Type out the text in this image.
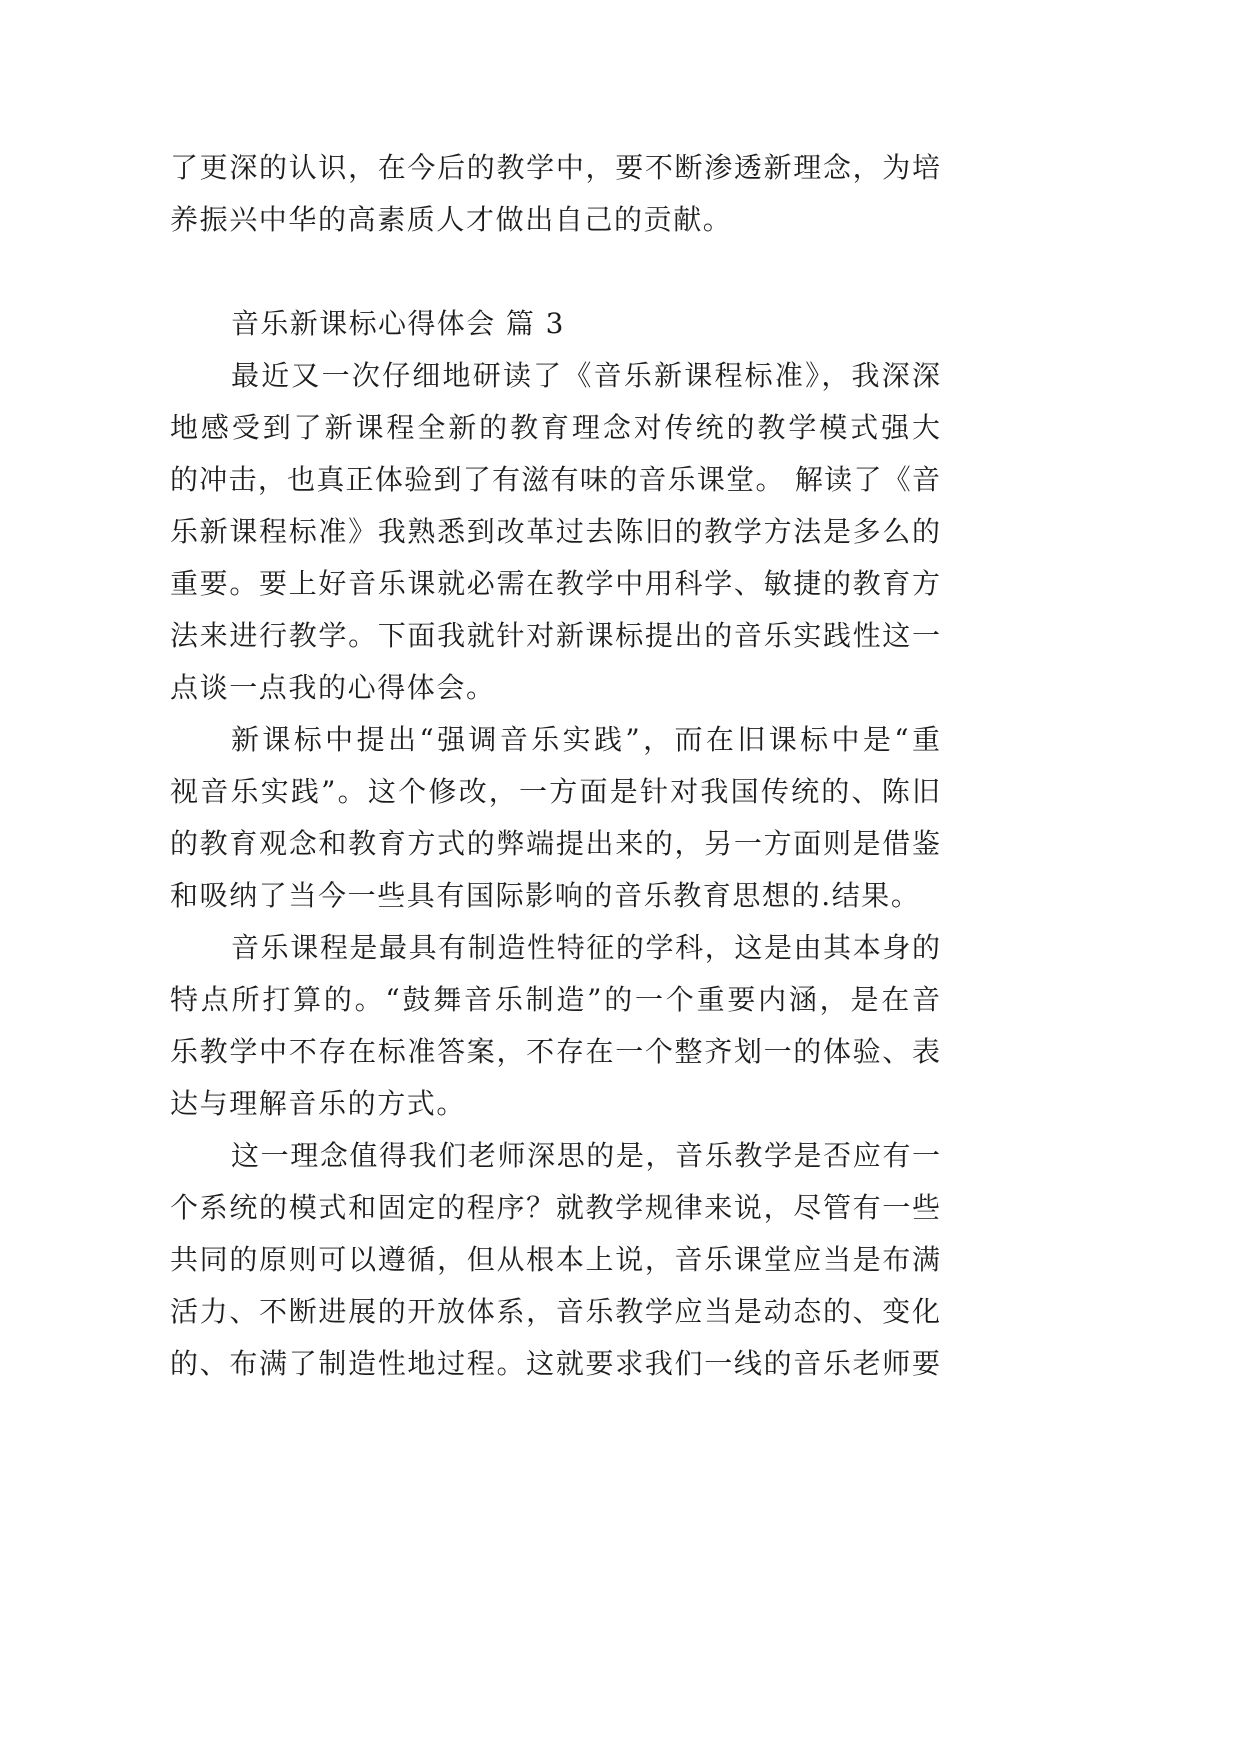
了更深的认识，在今后的教学中，要不断渗透新理念，为培
养振兴中华的高素质人才做出自己的贡献。
音乐新课标心得体会 篇 3
最近又一次仔细地研读了《音乐新课程标准》，我深深
地感受到了新课程全新的教育理念对传统的教学模式强大
的冲击，也真正体验到了有滋有味的音乐课堂。 解读了《音
乐新课程标准》我熟悉到改革过去陈旧的教学方法是多么的
重要。要上好音乐课就必需在教学中用科学、敏捷的教育方
法来进行教学。下面我就针对新课标提出的音乐实践性这一
点谈一点我的心得体会。
新课标中提出“强调音乐实践”，而在旧课标中是“重
视音乐实践”。这个修改，一方面是针对我国传统的、陈旧
的教育观念和教育方式的弊端提出来的，另一方面则是借鉴
和吸纳了当今一些具有国际影响的音乐教育思想的.结果。
音乐课程是最具有制造性特征的学科，这是由其本身的
特点所打算的。“鼓舞音乐制造”的一个重要内涵，是在音
乐教学中不存在标准答案，不存在一个整齐划一的体验、表
达与理解音乐的方式。
这一理念值得我们老师深思的是，音乐教学是否应有一
个系统的模式和固定的程序？就教学规律来说，尽管有一些
共同的原则可以遵循，但从根本上说，音乐课堂应当是布满
活力、不断进展的开放体系，音乐教学应当是动态的、变化
的、布满了制造性地过程。这就要求我们一线的音乐老师要
